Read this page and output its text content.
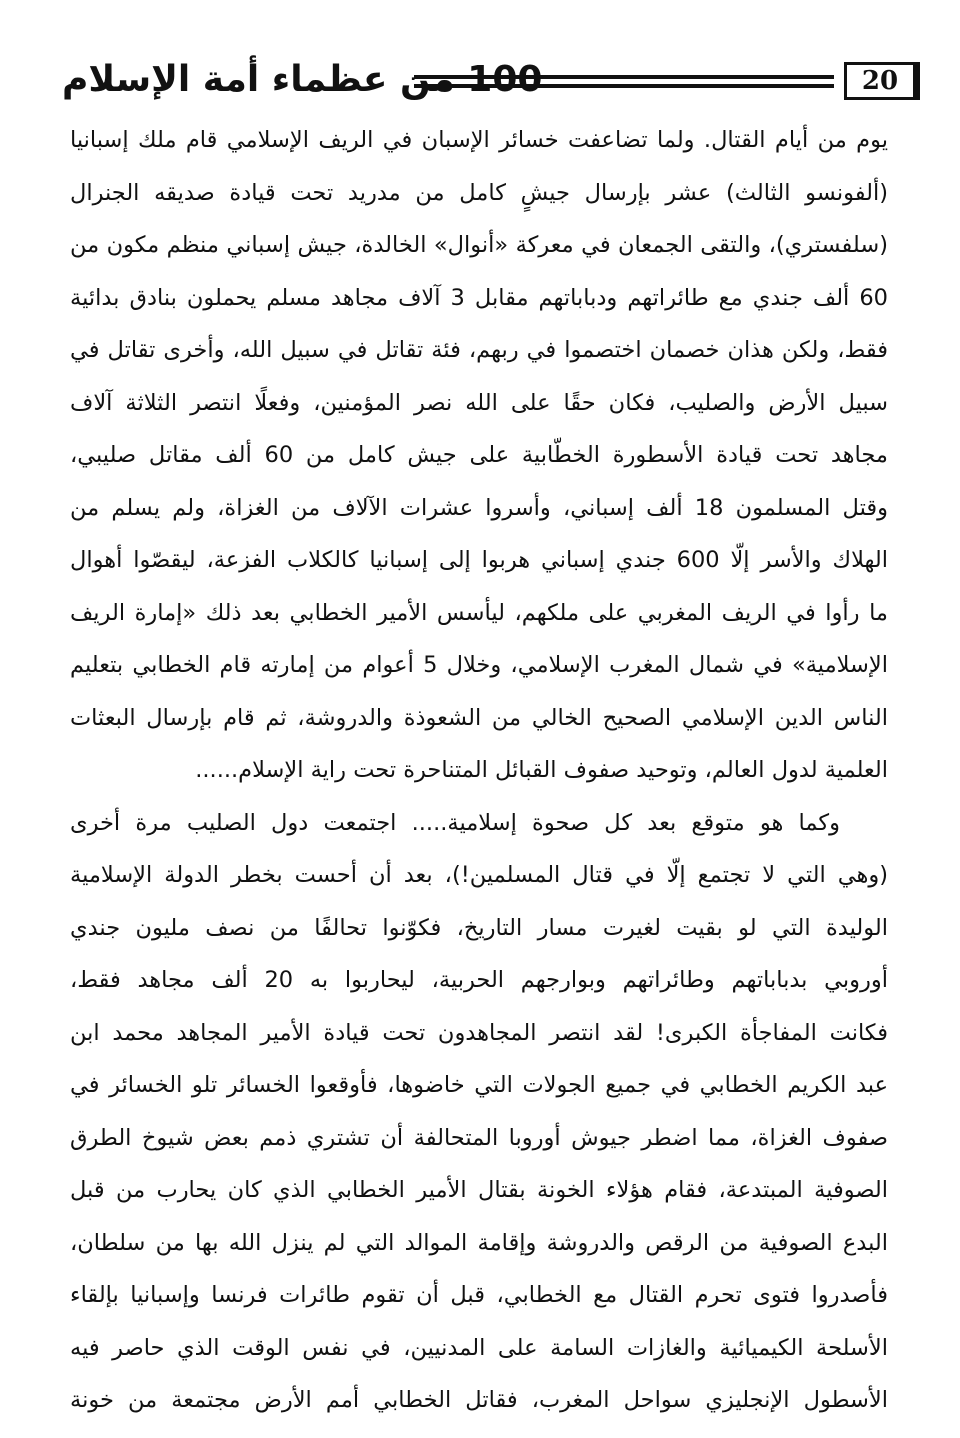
100 من عظماء أمة الإسلام	20
يوم من أيام القتال. ولما تضاعفت خسائر الإسبان في الريف الإسلامي قام ملك إسبانيا
(ألفونسو الثالث) عشر بإرسال جيشٍ كامل من مدريد تحت قيادة صديقه الجنرال
(سلفستري)، والتقى الجمعان في معركة «أنوال» الخالدة، جيش إسباني منظم مكون من
60 ألف جندي مع طائراتهم ودباباتهم مقابل 3 آلاف مجاهد مسلم يحملون بنادق بدائية
فقط، ولكن هذان خصمان اختصموا في ربهم، فئة تقاتل في سبيل الله، وأخرى تقاتل في
سبيل الأرض والصليب، فكان حقًا على الله نصر المؤمنين، وفعلًا انتصر الثلاثة آلاف
مجاهد تحت قيادة الأسطورة الخطّابية على جيش كامل من 60 ألف مقاتل صليبي،
وقتل المسلمون 18 ألف إسباني، وأسروا عشرات الآلاف من الغزاة، ولم يسلم من
الهلاك والأسر إلّا 600 جندي إسباني هربوا إلى إسبانيا كالكلاب الفزعة، ليقصّوا أهوال
ما رأوا في الريف المغربي على ملكهم، ليأسس الأمير الخطابي بعد ذلك «إمارة الريف
الإسلامية» في شمال المغرب الإسلامي، وخلال 5 أعوام من إمارته قام الخطابي بتعليم
الناس الدين الإسلامي الصحيح الخالي من الشعوذة والدروشة، ثم قام بإرسال البعثات
العلمية لدول العالم، وتوحيد صفوف القبائل المتناحرة تحت راية الإسلام......
وكما هو متوقع بعد كل صحوة إسلامية..... اجتمعت دول الصليب مرة أخرى
(وهي التي لا تجتمع إلّا في قتال المسلمين!)، بعد أن أحست بخطر الدولة الإسلامية
الوليدة التي لو بقيت لغيرت مسار التاريخ، فكوّنوا تحالفًا من نصف مليون جندي
أوروبي بدباباتهم وطائراتهم وبوارجهم الحربية، ليحاربوا به 20 ألف مجاهد فقط،
فكانت المفاجأة الكبرى! لقد انتصر المجاهدون تحت قيادة الأمير المجاهد محمد ابن
عبد الكريم الخطابي في جميع الجولات التي خاضوها، فأوقعوا الخسائر تلو الخسائر في
صفوف الغزاة، مما اضطر جيوش أوروبا المتحالفة أن تشتري ذمم بعض شيوخ الطرق
الصوفية المبتدعة، فقام هؤلاء الخونة بقتال الأمير الخطابي الذي كان يحارب من قبل
البدع الصوفية من الرقص والدروشة وإقامة الموالد التي لم ينزل الله بها من سلطان،
فأصدروا فتوى تحرم القتال مع الخطابي، قبل أن تقوم طائرات فرنسا وإسبانيا بإلقاء
الأسلحة الكيميائية والغازات السامة على المدنيين، في نفس الوقت الذي حاصر فيه
الأسطول الإنجليزي سواحل المغرب، فقاتل الخطابي أمم الأرض مجتمعة من خونة
